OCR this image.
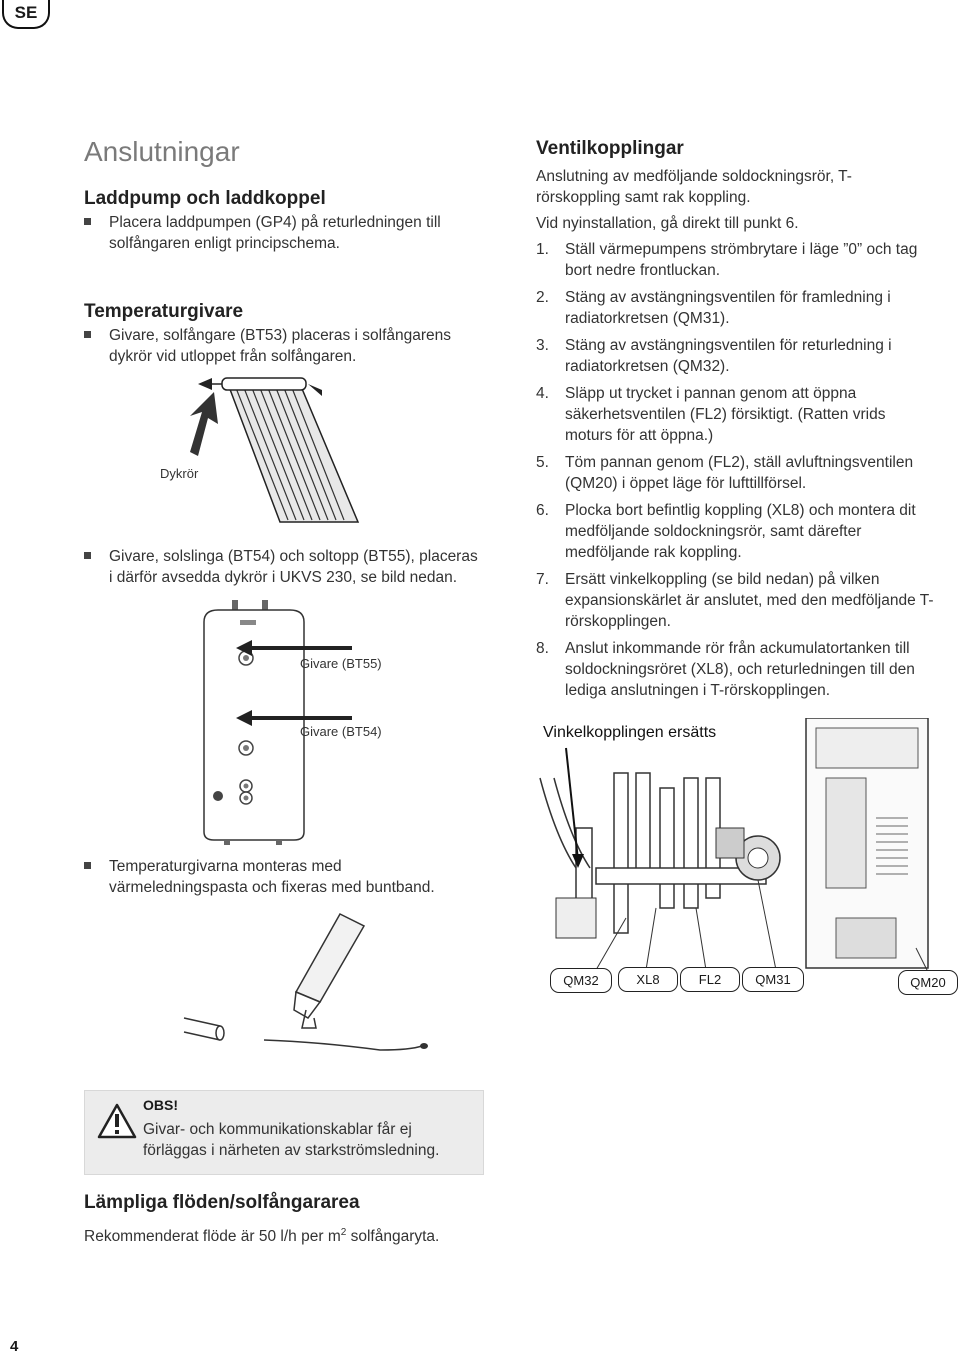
SE
Anslutningar
Laddpump och laddkoppel
Placera laddpumpen (GP4) på returledningen till solfångaren enligt principschema.
Temperaturgivare
Givare, solfångare (BT53) placeras i solfångarens dykrör vid utloppet från solfångaren.
Dykrör
Givare, solslinga (BT54) och soltopp (BT55), placeras i därför avsedda dykrör i UKVS 230, se bild nedan.
Givare (BT55)
Givare (BT54)
Temperaturgivarna monteras med värmeledningspasta och fixeras med buntband.
OBS!
Givar- och kommunikationskablar får ej förläggas i närheten av starkströmsledning.
Lämpliga flöden/solfångararea
Rekommenderat flöde är 50 l/h per $m^2$ solfångaryta.
4
Ventilkopplingar
Anslutning av medföljande soldockningsrör, T-rörskoppling samt rak koppling.
Vid nyinstallation, gå direkt till punkt 6.
1. Ställ värmepumpens strömbrytare i läge ”0” och tag bort nedre frontluckan.
2. Stäng av avstängningsventilen för framledning i radiatorkretsen (QM31).
3. Stäng av avstängningsventilen för returledning i radiatorkretsen (QM32).
4. Släpp ut trycket i pannan genom att öppna säkerhetsventilen (FL2) försiktigt. (Ratten vrids moturs för att öppna.)
5. Töm pannan genom (FL2), ställ avluftningsventilen (QM20) i öppet läge för lufttillförsel.
6. Plocka bort befintlig koppling (XL8) och montera dit medföljande soldockningsrör, samt därefter medföljande rak koppling.
7. Ersätt vinkelkoppling (se bild nedan) på vilken expansionskärlet är anslutet, med den medföljande T-rörskopplingen.
8. Anslut inkommande rör från ackumulatortanken till soldockningsröret (XL8), och returledningen till den lediga anslutningen i T-rörskopplingen.
Vinkelkopplingen ersätts
QM32	XL8	FL2	QM31	QM20
